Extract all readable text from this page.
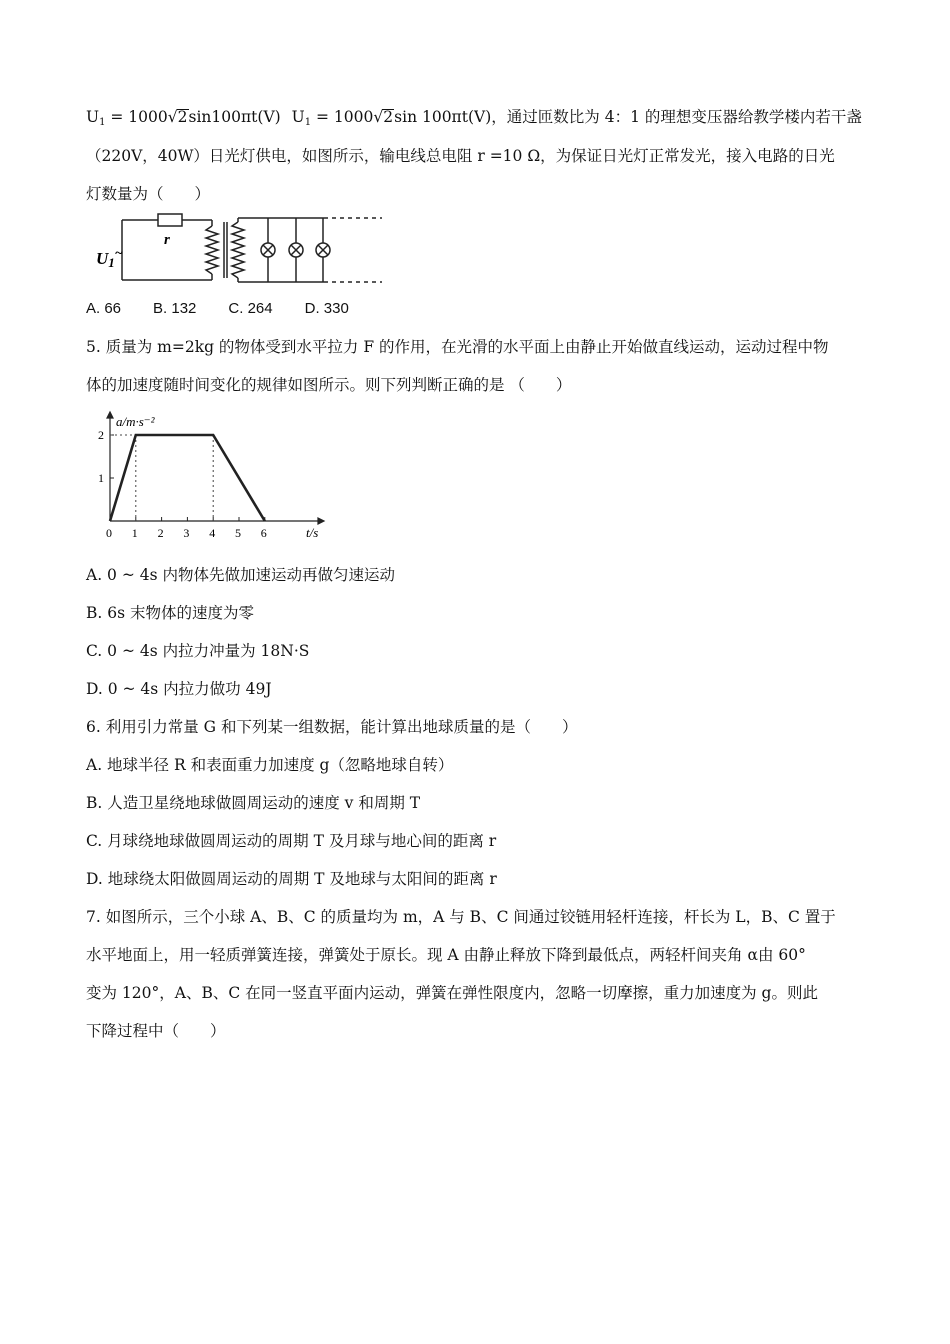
$U_1 = 1000√2\sin 100\pi t(V) U_1 = 1000√2\sin$ 100πt(V)，通过匝数比为 4：1 的理想变压器给教学楼内若干盏
（220V，40W）日光灯供电，如图所示，输电线总电阻 r =10 Ω，为保证日光灯正常发光，接入电路的日光
灯数量为（　　）
r
U1~
A. 66 B. 132 C. 264 D. 330
5. 质量为 m=2kg 的物体受到水平拉力 F 的作用，在光滑的水平面上由静止开始做直线运动，运动过程中物
体的加速度随时间变化的规律如图所示。则下列判断正确的是 （　　）
0 1 2 3 4 5 6
1
2
a/m·s⁻²
t/s
A. 0 ~ 4s 内物体先做加速运动再做匀速运动
B. 6s 末物体的速度为零
C. 0 ~ 4s 内拉力冲量为 18N·S
D. 0 ~ 4s 内拉力做功 49J
6. 利用引力常量 G 和下列某一组数据，能计算出地球质量的是（　　）
A. 地球半径 R 和表面重力加速度 g（忽略地球自转）
B. 人造卫星绕地球做圆周运动的速度 v 和周期 T
C. 月球绕地球做圆周运动的周期 T 及月球与地心间的距离 r
D. 地球绕太阳做圆周运动的周期 T 及地球与太阳间的距离 r
7. 如图所示，三个小球 A、B、C 的质量均为 m，A 与 B、C 间通过铰链用轻杆连接，杆长为 L，B、C 置于
水平地面上，用一轻质弹簧连接，弹簧处于原长。现 A 由静止释放下降到最低点，两轻杆间夹角 α由 60°
变为 120°，A、B、C 在同一竖直平面内运动，弹簧在弹性限度内，忽略一切摩擦，重力加速度为 g。则此
下降过程中（　　）
